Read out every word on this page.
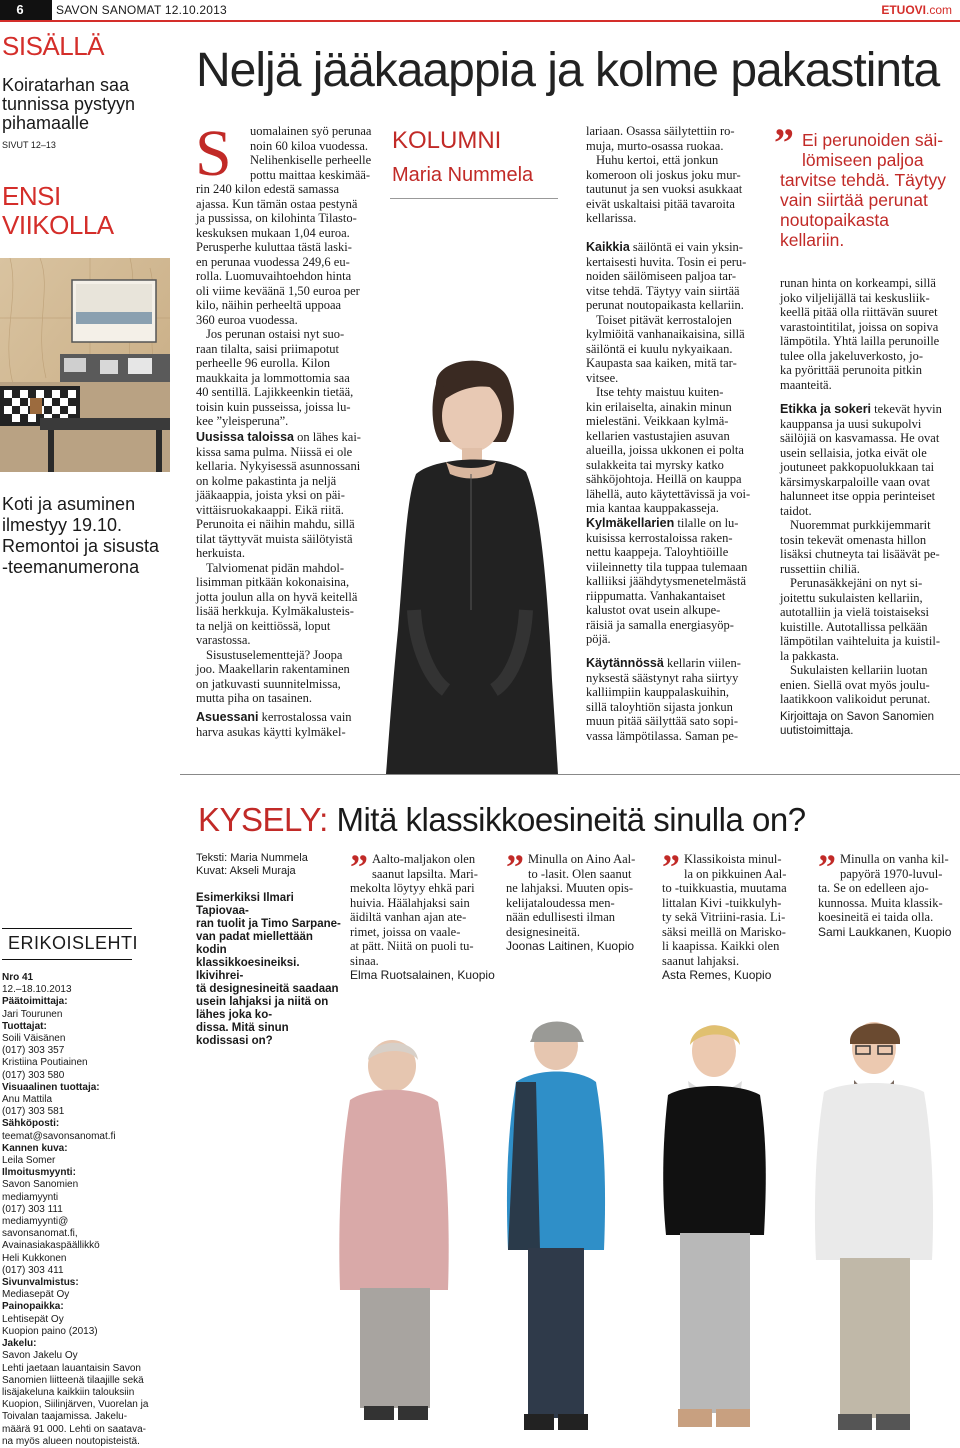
6	SAVON SANOMAT 12.10.2013	ETUOVI.com
SISÄLLÄ
Koiratarhan saa
tunnissa pystyyn
pihamaalle
SIVUT 12–13
ENSI
VIIKOLLA
Koti ja asuminen
ilmestyy 19.10.
Remontoi ja sisusta
-teemanumerona
Neljä jääkaappia ja kolme pakastinta
S uomalainen syö perunaa
noin 60 kiloa vuodessa.
Nelihenkiselle perheelle
pottu maittaa keskimää-
rin 240 kilon edestä samassa
ajassa. Kun tämän ostaa pestynä
ja pussissa, on kilohinta Tilasto-
keskuksen mukaan 1,04 euroa.
Perusperhe kuluttaa tästä laski-
en perunaa vuodessa 249,6 eu-
rolla. Luomuvaihtoehdon hinta
oli viime keväänä 1,50 euroa per
kilo, näihin perheeltä uppoaa
360 euroa vuodessa.
Jos perunan ostaisi nyt suo-
raan tilalta, saisi priimapotut
perheelle 96 eurolla. Kilon
maukkaita ja lommottomia saa
40 sentillä. Lajikkeenkin tietää,
toisin kuin pusseissa, joissa lu-
kee ”yleisperuna”.
Uusissa taloissa on lähes kai-
kissa sama pulma. Niissä ei ole
kellaria. Nykyisessä asunnossani
on kolme pakastinta ja neljä
jääkaappia, joista yksi on päi-
vittäisruokakaappi. Eikä riitä.
Perunoita ei näihin mahdu, sillä
tilat täyttyvät muista säilötyistä
herkuista.
Talviomenat pidän mahdol-
lisimman pitkään kokonaisina,
jotta joulun alla on hyvä keitellä
lisää herkkuja. Kylmäkalusteis-
ta neljä on keittiössä, loput
varastossa.
Sisustuselementtejä? Joopa
joo. Maakellarin rakentaminen
on jatkuvasti suunnitelmissa,
mutta piha on tasainen.
Asuessani kerrostalossa vain
harva asukas käytti kylmäkel-
KOLUMNI
Maria Nummela
lariaan. Osassa säilytettiin ro-
muja, murto-osassa ruokaa.
Huhu kertoi, että jonkun
komeroon oli joskus joku mur-
tautunut ja sen vuoksi asukkaat
eivät uskaltaisi pitää tavaroita
kellarissa.
Kaikkia säilöntä ei vain yksin-
kertaisesti huvita. Tosin ei peru-
noiden säilömiseen paljoa tar-
vitse tehdä. Täytyy vain siirtää
perunat noutopaikasta kellariin.
Toiset pitävät kerrostalojen
kylmiöitä vanhanaikaisina, sillä
säilöntä ei kuulu nykyaikaan.
Kaupasta saa kaiken, mitä tar-
vitsee.
Itse tehty maistuu kuiten-
kin erilaiselta, ainakin minun
mielestäni. Veikkaan kylmä-
kellarien vastustajien asuvan
alueilla, joissa ukkonen ei polta
sulakkeita tai myrsky katko
sähköjohtoja. Heillä on kauppa
lähellä, auto käytettävissä ja voi-
mia kantaa kauppakasseja.
Kylmäkellarien tilalle on lu-
kuisissa kerrostaloissa raken-
nettu kaappeja. Taloyhtiöille
viileinnetty tila tuppaa tulemaan
kalliiksi jäähdytysmenetelmästä
riippumatta. Vanhakantaiset
kalustot ovat usein alkupe-
räisiä ja samalla energiasyöp-
pöjä.
Käytännössä kellarin viilen-
nyksestä säästynyt raha siirtyy
kalliimpiin kauppalaskuihin,
sillä taloyhtiön sijasta jonkun
muun pitää säilyttää sato sopi-
vassa lämpötilassa. Saman pe-
” Ei perunoiden säi-
lömiseen paljoa
tarvitse tehdä. Täytyy
vain siirtää perunat
noutopaikasta
kellariin.
runan hinta on korkeampi, sillä
joko viljelijällä tai keskusliik-
keellä pitää olla riittävän suuret
varastointitilat, joissa on sopiva
lämpötila. Yhtä lailla perunoille
tulee olla jakeluverkosto, jo-
ka pyörittää perunoita pitkin
maanteitä.
Etikka ja sokeri tekevät hyvin
kauppansa ja uusi sukupolvi
säilöjiä on kasvamassa. He ovat
usein sellaisia, jotka eivät ole
joutuneet pakkopuolukkaan tai
kärsimyskarpaloille vaan ovat
halunneet itse oppia perinteiset
taidot.
Nuoremmat purkkijemmarit
tosin tekevät omenasta hillon
lisäksi chutneyta tai lisäävät pe-
russettiin chiliä.
Perunasäkkejäni on nyt si-
joitettu sukulaisten kellariin,
autotalliin ja vielä toistaiseksi
kuistille. Autotallissa pelkään
lämpötilan vaihteluita ja kuistil-
la pakkasta.
Sukulaisten kellariin luotan
enien. Siellä ovat myös joulu-
laatikkoon valikoidut perunat.
Kirjoittaja on Savon Sanomien
uutistoimittaja.
KYSELY: Mitä klassikkoesineitä sinulla on?
Teksti: Maria Nummela
Kuvat: Akseli Muraja
Esimerkiksi Ilmari Tapiovaa-
ran tuolit ja Timo Sarpane-
van padat miellettään kodin
klassikkoesineiksi. Ikivihrei-
tä designesineitä saadaan
usein lahjaksi ja niitä on
lähes joka ko-
dissa. Mitä sinun
kodissasi on?
” Aalto-maljakon olen
saanut lapsilta. Mari-
mekolta löytyy ehkä pari
huivia. Häälahjaksi sain
äidiltä vanhan ajan ate-
rimet, joissa on vaale-
at pätt. Niitä on puoli tu-
sinaa.
Elma Ruotsalainen, Kuopio
” Minulla on Aino Aal-
to -lasit. Olen saanut
ne lahjaksi. Muuten opis-
kelijataloudessa men-
nään edullisesti ilman
designesineitä.
Joonas Laitinen, Kuopio
” Klassikoista minul-
la on pikkuinen Aal-
to -tuikkuastia, muutama
littalan Kivi -tuikkulyh-
ty sekä Vitriini-rasia. Li-
säksi meillä on Marisko-
li kaapissa. Kaikki olen
saanut lahjaksi.
Asta Remes, Kuopio
” Minulla on vanha kil-
papyörä 1970-luvul-
ta. Se on edelleen ajo-
kunnossa. Muita klassik-
koesineitä ei taida olla.
Sami Laukkanen, Kuopio
ERIKOISLEHTI
Nro 41
12.–18.10.2013
Päätoimittaja:
Jari Tourunen
Tuottajat:
Soili Väisänen
(017) 303 357
Kristiina Poutiainen
(017) 303 580
Visuaalinen tuottaja:
Anu Mattila
(017) 303 581
Sähköposti:
teemat@savonsanomat.fi
Kannen kuva:
Leila Somer
Ilmoitusmyynti:
Savon Sanomien
mediamyynti
(017) 303 111
mediamyynti@
savonsanomat.fi,
Avainasiakaspäällikkö
Heli Kukkonen
(017) 303 411
Sivunvalmistus:
Mediasepät Oy
Painopaikka:
Lehtisepät Oy
Kuopion paino (2013)
Jakelu:
Savon Jakelu Oy
Lehti jaetaan lauantaisin Savon
Sanomien liitteenä tilaajille sekä
lisäjakeluna kaikkiin talouksiin
Kuopion, Siilinjärven, Vuorelan ja
Toivalan taajamissa. Jakelu-
määrä 91 000. Lehti on saatava-
na myös alueen noutopisteistä.
